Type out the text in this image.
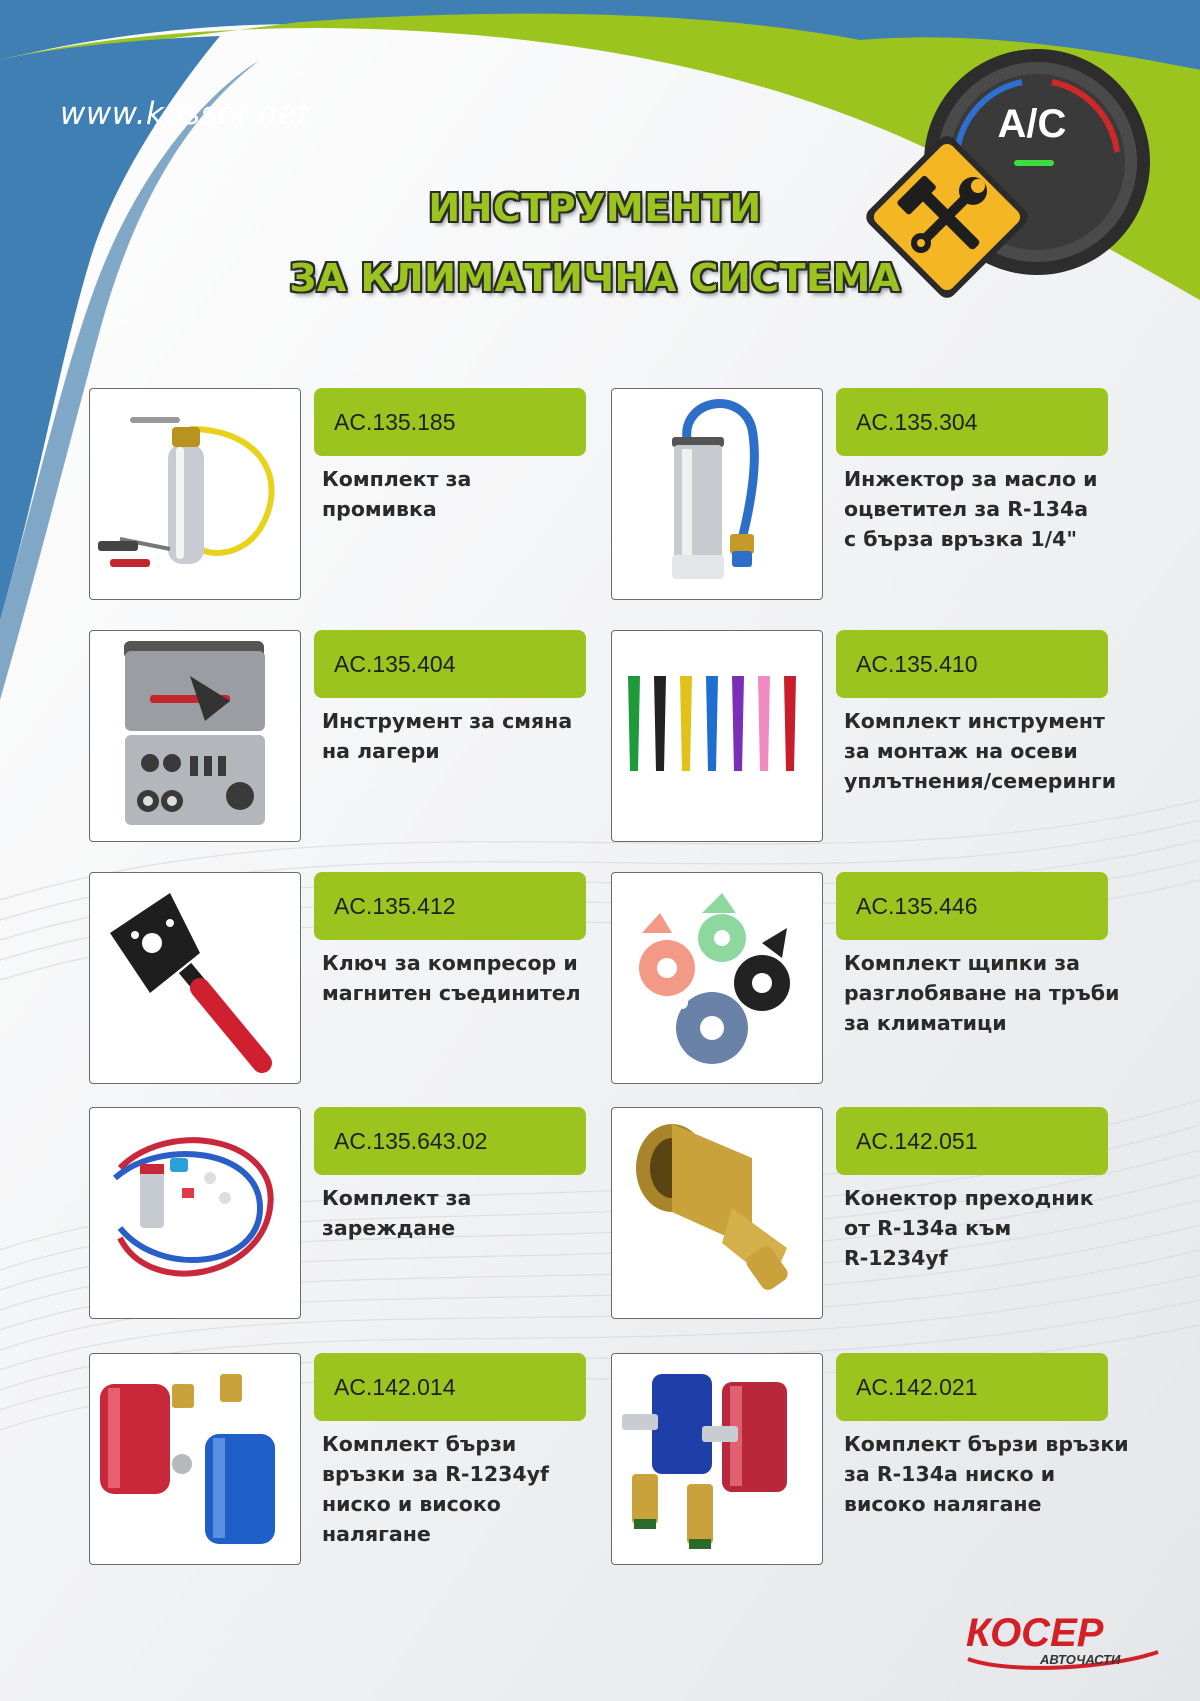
www.kosser.net
ИНСТРУМЕНТИ
ЗА КЛИМАТИЧНА СИСТЕМА
A/C
AC.135.185
Комплект за
промивка
AC.135.304
Инжектор за масло и
оцветител за R-134a
с бърза връзка 1/4"
AC.135.404
Инструмент за смяна
на лагери
AC.135.410
Комплект инструмент
за монтаж на осеви
уплътнения/семеринги
AC.135.412
Ключ за компресор и
магнитен съединител
AC.135.446
Комплект щипки за
разглобяване на тръби
за климатици
AC.135.643.02
Комплект за
зареждане
AC.142.051
Конектор преходник
от R-134a към
R-1234yf
AC.142.014
Комплект бързи
връзки за R-1234yf
ниско и високо
налягане
AC.142.021
Комплект бързи връзки
за R-134a ниско и
високо налягане
КОСЕР
АВТОЧАСТИ
